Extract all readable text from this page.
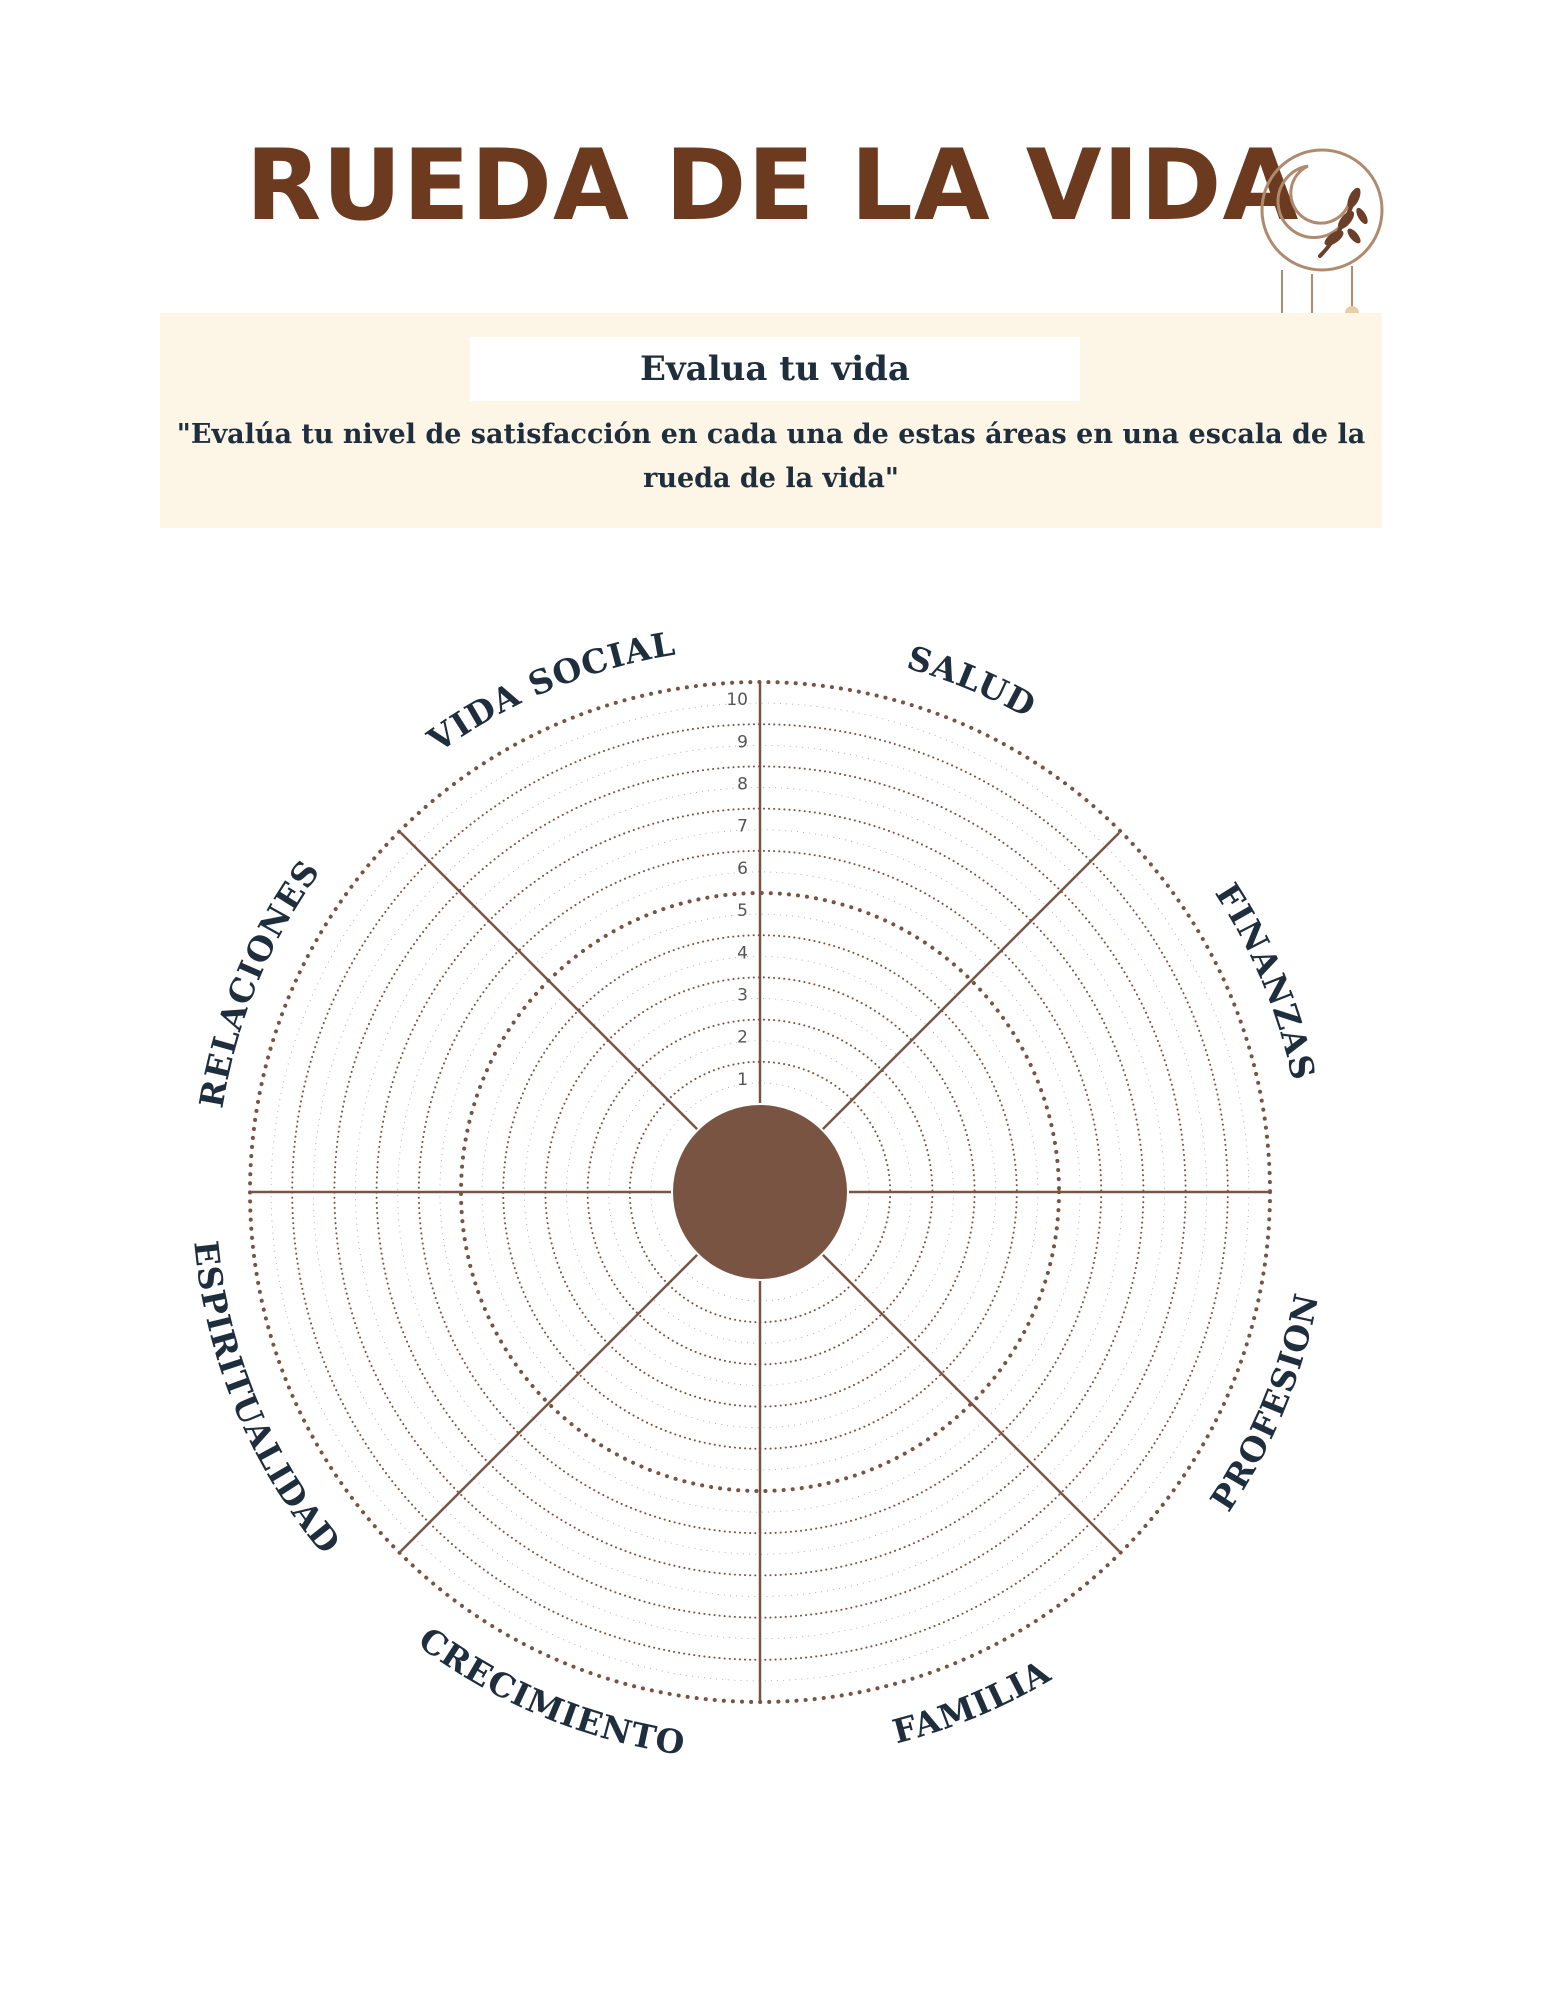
RUEDA DE LA VIDA
Evalua tu vida
"Evalúa tu nivel de satisfacción en cada una de estas áreas en una escala de la rueda de la vida"
1
2
3
4
5
6
7
8
9
10
SALUD
FINANZAS
PROFESION
FAMILIA
CRECIMIENTO
ESPIRITUALIDAD
RELACIONES
VIDA SOCIAL
